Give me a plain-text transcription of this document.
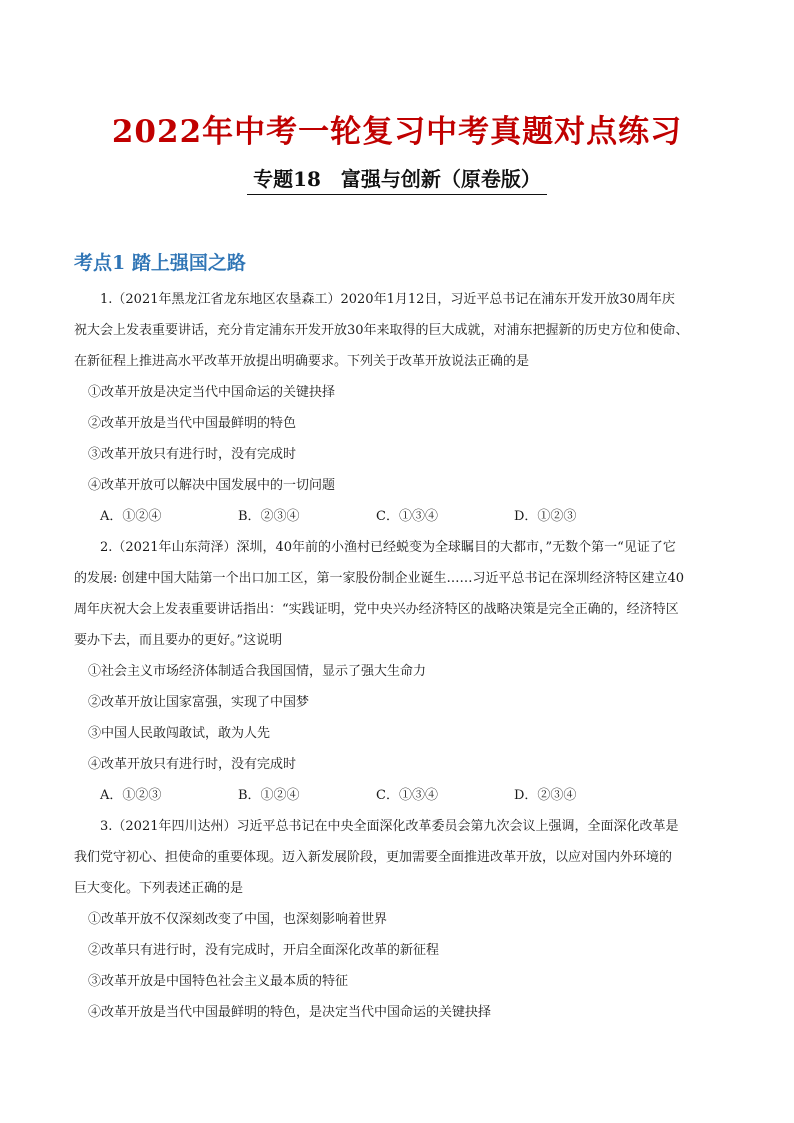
2022年中考一轮复习中考真题对点练习
专题18　富强与创新（原卷版）
考点1 踏上强国之路
1.（2021年黑龙江省龙东地区农垦森工）2020年1月12日，习近平总书记在浦东开发开放30周年庆
祝大会上发表重要讲话，充分肯定浦东开发开放30年来取得的巨大成就，对浦东把握新的历史方位和使命、
在新征程上推进高水平改革开放提出明确要求。下列关于改革开放说法正确的是
①改革开放是决定当代中国命运的关键抉择
②改革开放是当代中国最鲜明的特色
③改革开放只有进行时，没有完成时
④改革开放可以解决中国发展中的一切问题
A．①②④	B．②③④	C．①③④	D．①②③
2.（2021年山东菏泽）深圳，40年前的小渔村已经蜕变为全球瞩目的大都市，”无数个第一“见证了它
的发展: 创建中国大陆第一个出口加工区，第一家股份制企业诞生……习近平总书记在深圳经济特区建立40
周年庆祝大会上发表重要讲话指出：“实践证明，党中央兴办经济特区的战略决策是完全正确的，经济特区
要办下去，而且要办的更好。”这说明
①社会主义市场经济体制适合我国国情，显示了强大生命力
②改革开放让国家富强，实现了中国梦
③中国人民敢闯敢试，敢为人先
④改革开放只有进行时，没有完成时
A．①②③	B．①②④	C．①③④	D．②③④
3.（2021年四川达州）习近平总书记在中央全面深化改革委员会第九次会议上强调，全面深化改革是
我们党守初心、担使命的重要体现。迈入新发展阶段，更加需要全面推进改革开放，以应对国内外环境的
巨大变化。下列表述正确的是
①改革开放不仅深刻改变了中国，也深刻影响着世界
②改革只有进行时，没有完成时，开启全面深化改革的新征程
③改革开放是中国特色社会主义最本质的特征
④改革开放是当代中国最鲜明的特色，是决定当代中国命运的关键抉择
